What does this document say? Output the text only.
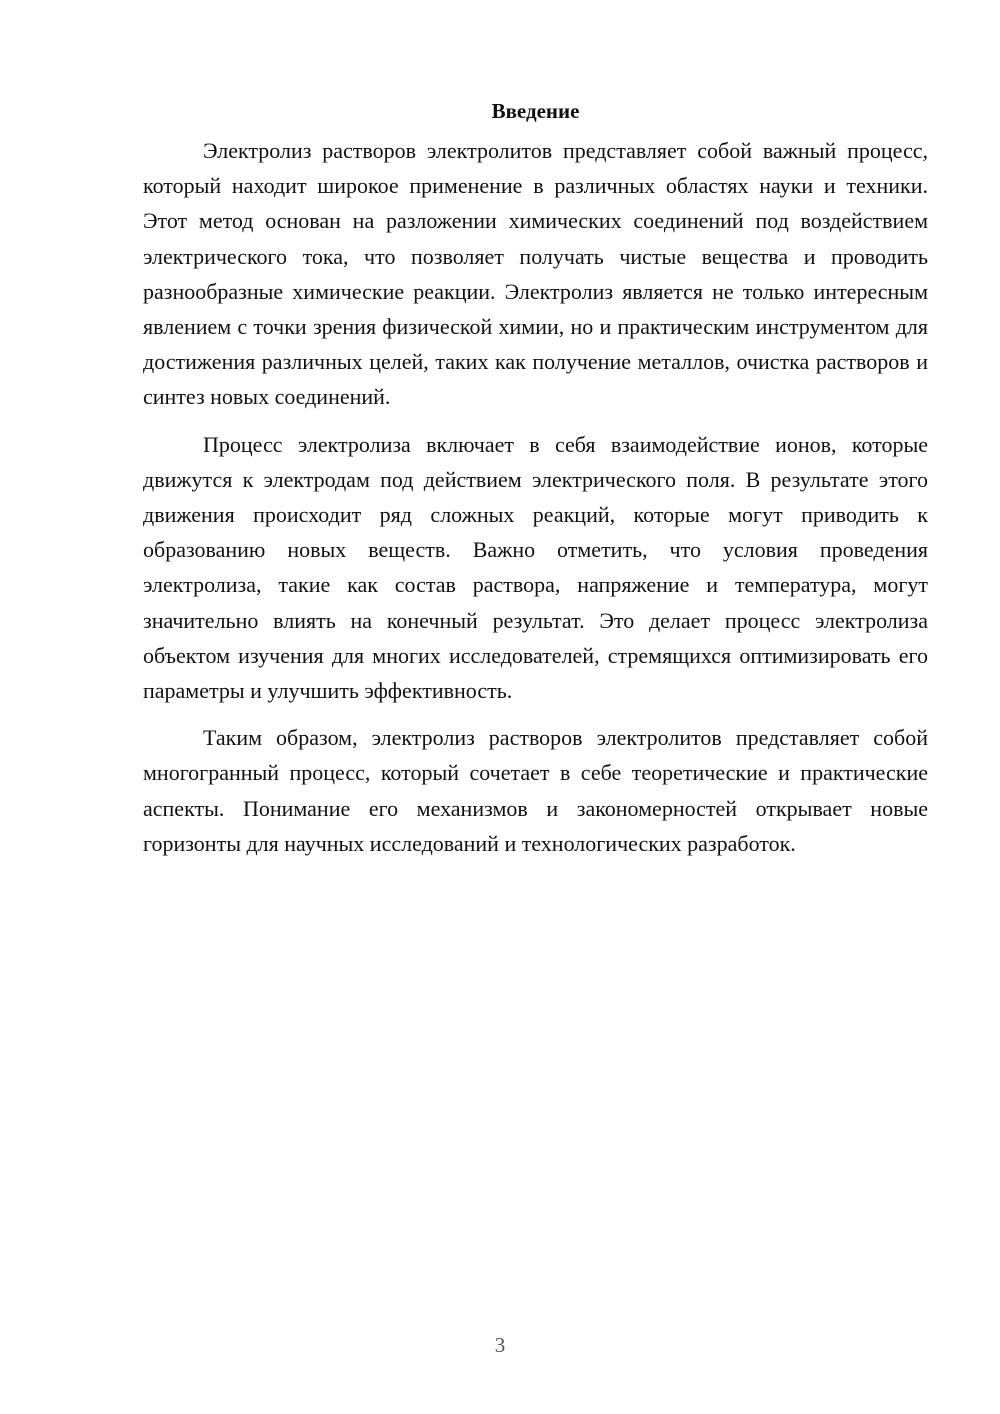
Введение

Электролиз растворов электролитов представляет собой важный процесс, который находит широкое применение в различных областях науки и техники. Этот метод основан на разложении химических соединений под воздействием электрического тока, что позволяет получать чистые вещества и проводить разнообразные химические реакции. Электролиз является не только интересным явлением с точки зрения физической химии, но и практическим инструментом для достижения различных целей, таких как получение металлов, очистка растворов и синтез новых соединений.

Процесс электролиза включает в себя взаимодействие ионов, которые движутся к электродам под действием электрического поля. В результате этого движения происходит ряд сложных реакций, которые могут приводить к образованию новых веществ. Важно отметить, что условия проведения электролиза, такие как состав раствора, напряжение и температура, могут значительно влиять на конечный результат. Это делает процесс электролиза объектом изучения для многих исследователей, стремящихся оптимизировать его параметры и улучшить эффективность.

Таким образом, электролиз растворов электролитов представляет собой многогранный процесс, который сочетает в себе теоретические и практические аспекты. Понимание его механизмов и закономерностей открывает новые горизонты для научных исследований и технологических разработок.

3
